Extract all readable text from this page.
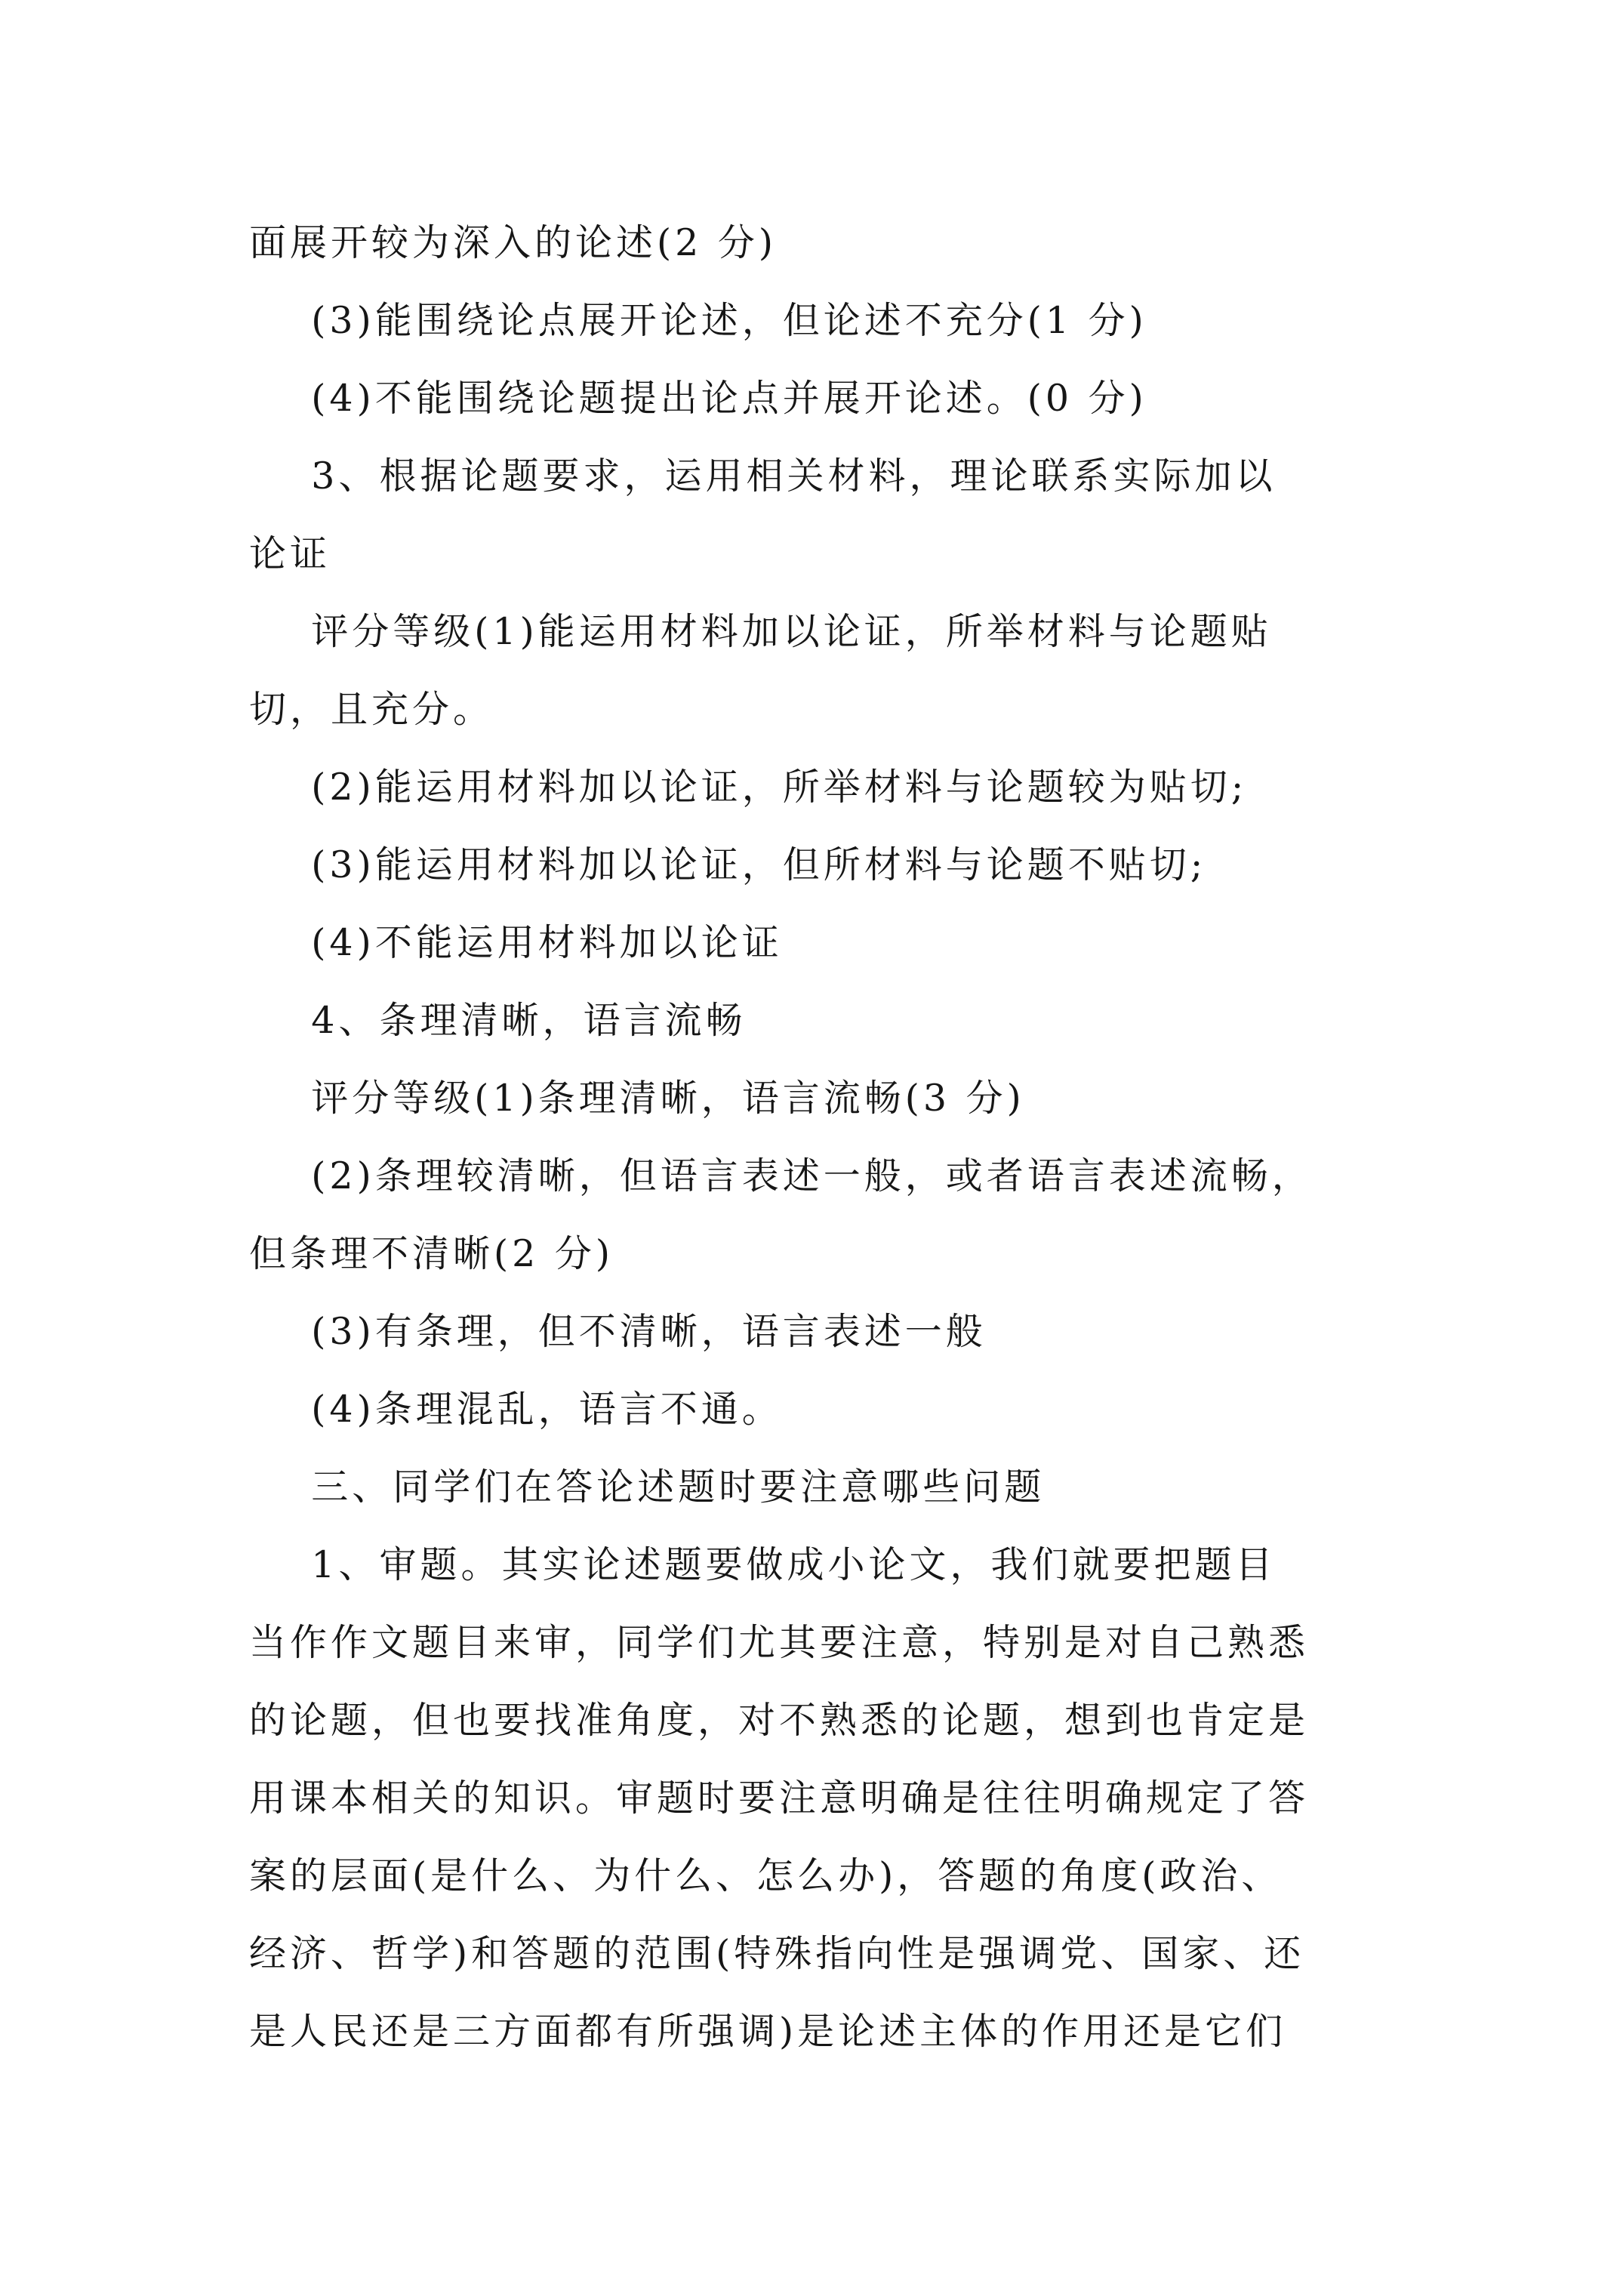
面展开较为深入的论述(2 分)
(3)能围绕论点展开论述，但论述不充分(1 分)
(4)不能围绕论题提出论点并展开论述。(0 分)
3、根据论题要求，运用相关材料，理论联系实际加以
论证
评分等级(1)能运用材料加以论证，所举材料与论题贴
切，且充分。
(2)能运用材料加以论证，所举材料与论题较为贴切;
(3)能运用材料加以论证，但所材料与论题不贴切;
(4)不能运用材料加以论证
4、条理清晰，语言流畅
评分等级(1)条理清晰，语言流畅(3 分)
(2)条理较清晰，但语言表述一般，或者语言表述流畅，
但条理不清晰(2 分)
(3)有条理，但不清晰，语言表述一般
(4)条理混乱，语言不通。
三、同学们在答论述题时要注意哪些问题
1、审题。其实论述题要做成小论文，我们就要把题目
当作作文题目来审，同学们尤其要注意，特别是对自己熟悉
的论题，但也要找准角度，对不熟悉的论题，想到也肯定是
用课本相关的知识。审题时要注意明确是往往明确规定了答
案的层面(是什么、为什么、怎么办)，答题的角度(政治、
经济、哲学)和答题的范围(特殊指向性是强调党、国家、还
是人民还是三方面都有所强调)是论述主体的作用还是它们
